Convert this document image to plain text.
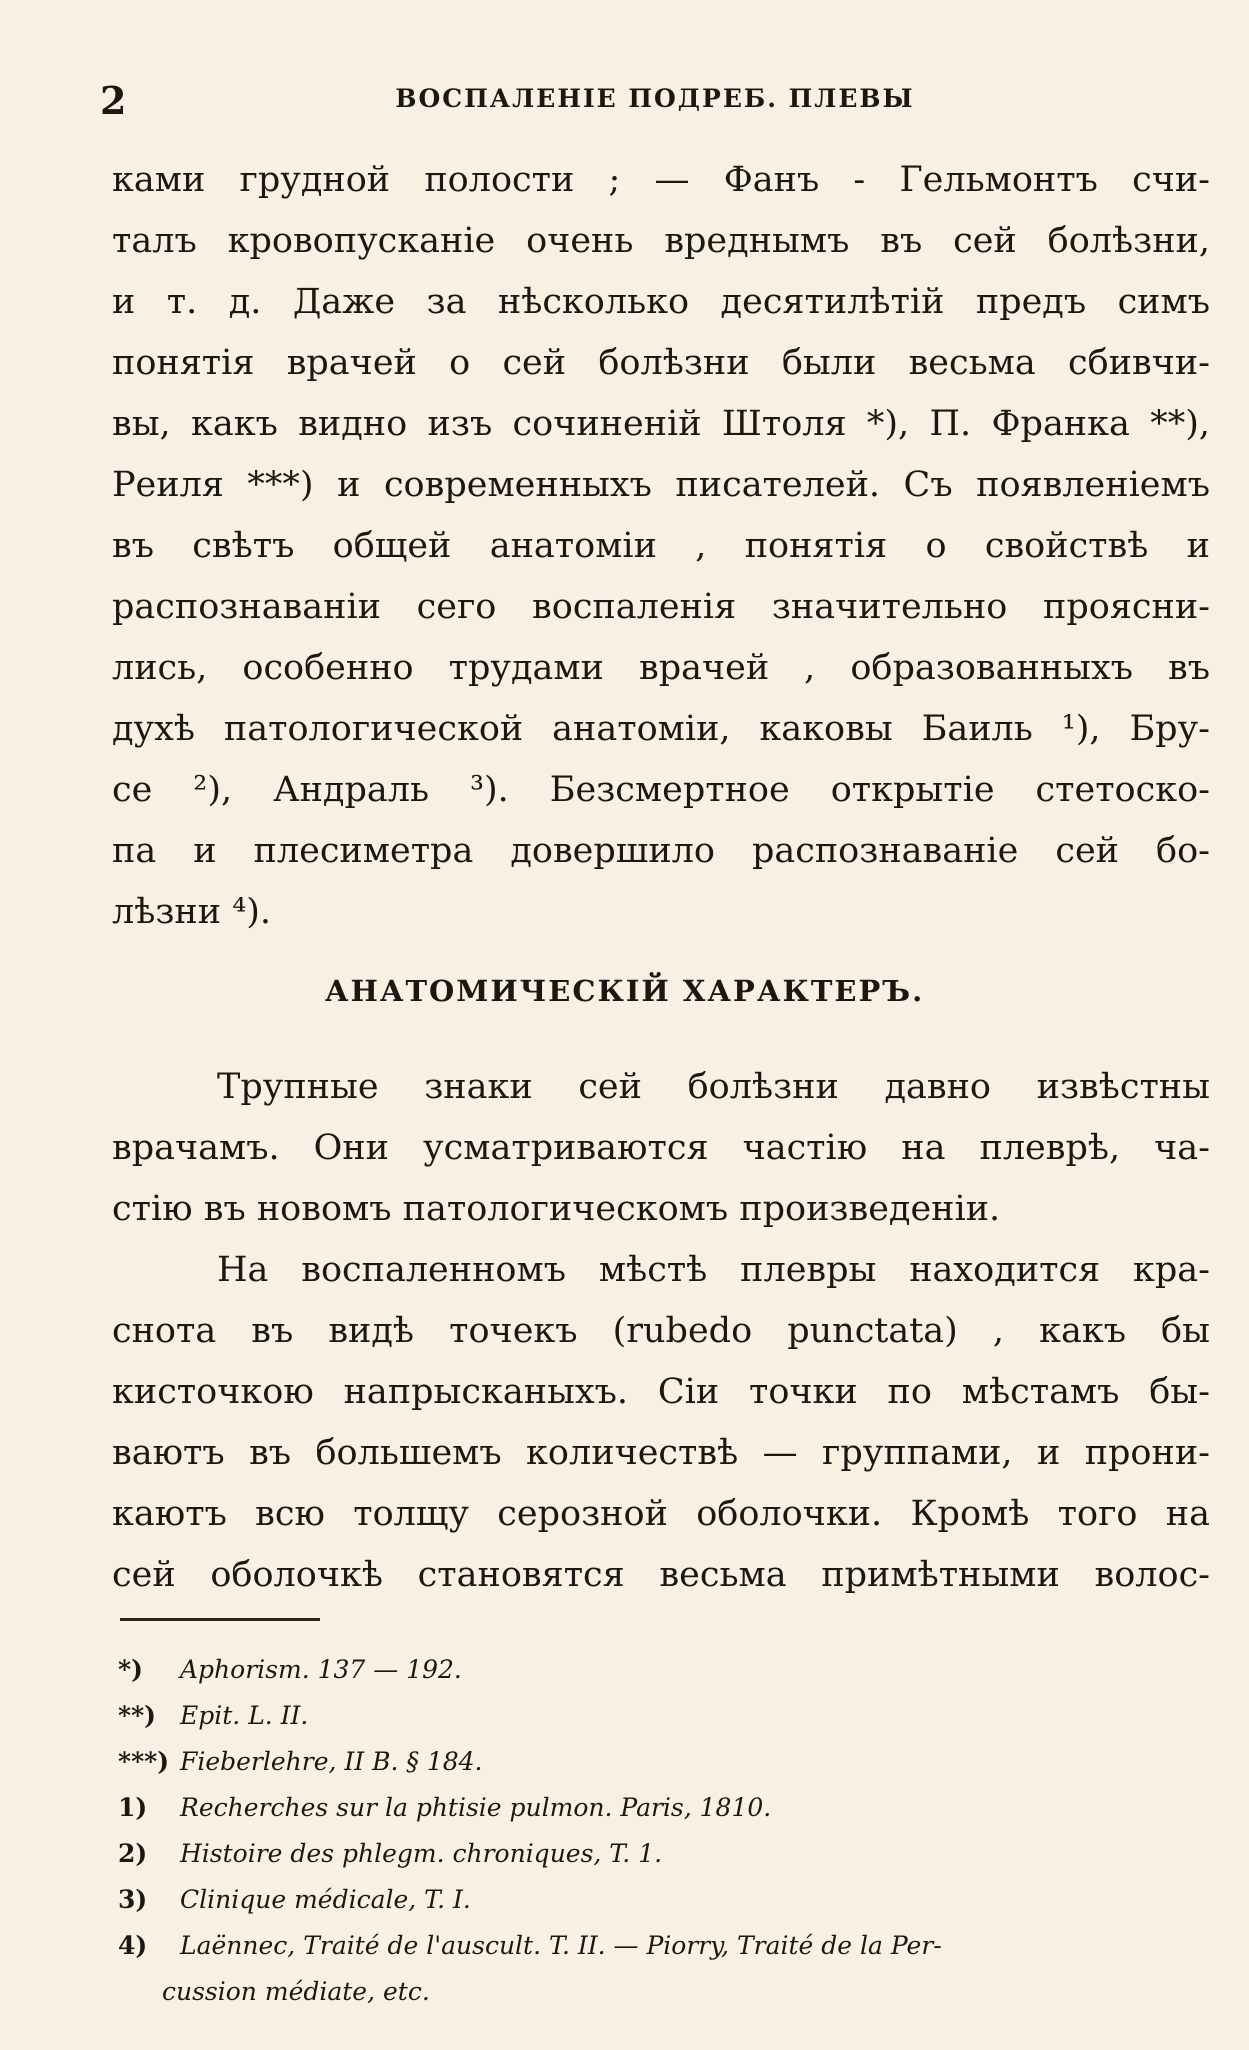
2	ВОСПАЛЕНІЕ ПОДРЕБ. ПЛЕВЫ
ками грудной полости ; — Фанъ - Гельмонтъ счи-
талъ кровопусканіе очень вреднымъ въ сей болѣзни,
и т. д. Даже за нѣсколько десятилѣтій предъ симъ
понятія врачей о сей болѣзни были весьма сбивчи-
вы, какъ видно изъ сочиненій Штоля *), П. Франка **),
Реиля ***) и современныхъ писателей. Съ появленіемъ
въ свѣтъ общей анатоміи , понятія о свойствѣ и
распознаваніи сего воспаленія значительно проясни-
лись, особенно трудами врачей , образованныхъ въ
духѣ патологической анатоміи, каковы Баиль ¹), Бру-
се ²), Андраль ³). Безсмертное открытіе стетоско-
па и плесиметра довершило распознаваніе сей бо-
лѣзни ⁴).
АНАТОМИЧЕСКІЙ ХАРАКТЕРЪ.
Трупные знаки сей болѣзни давно извѣстны
врачамъ. Они усматриваются частію на плеврѣ, ча-
стію въ новомъ патологическомъ произведеніи.
На воспаленномъ мѣстѣ плевры находится кра-
снота въ видѣ точекъ (rubedo punctata) , какъ бы
кисточкою напрысканыхъ. Сіи точки по мѣстамъ бы-
ваютъ въ большемъ количествѣ — группами, и прони-
каютъ всю толщу серозной оболочки. Кромѣ того на
сей оболочкѣ становятся весьма примѣтными волос-
*) Aphorism. 137 — 192.
**) Epit. L. II.
***) Fieberlehre, II B. § 184.
1) Recherches sur la phtisie pulmon. Paris, 1810.
2) Histoire des phlegm. chroniques, T. 1.
3) Clinique médicale, T. I.
4) Laënnec, Traité de l'auscult. T. II. — Piorry, Traité de la Per-
cussion médiate, etc.
